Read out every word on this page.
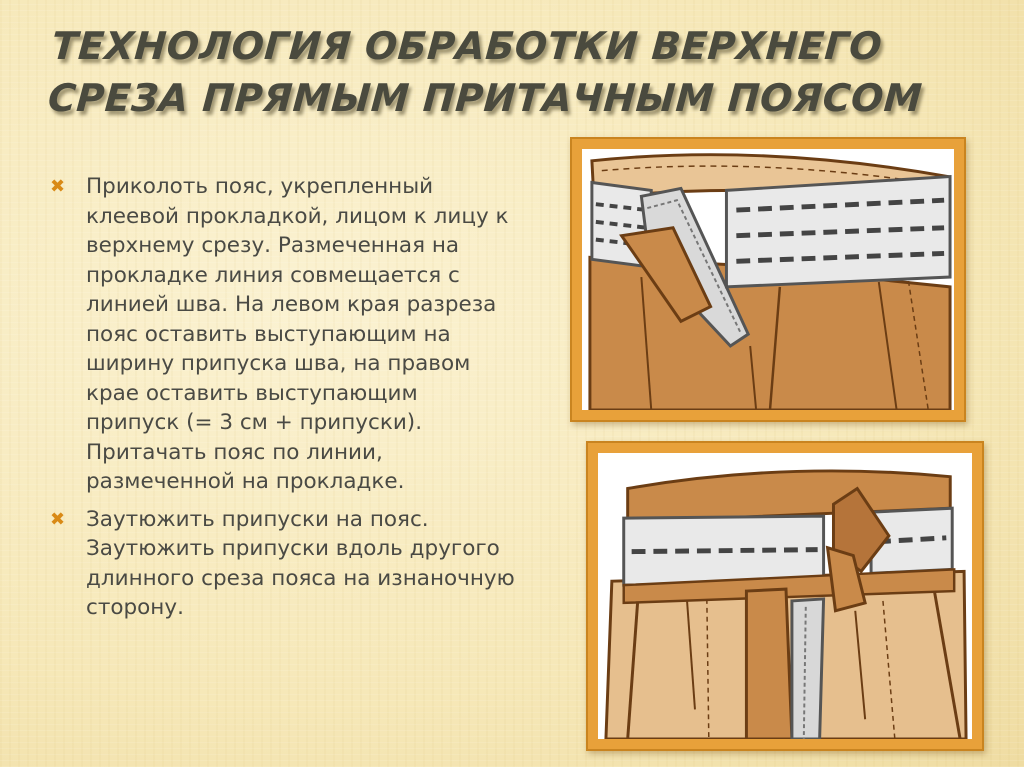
ТЕХНОЛОГИЯ ОБРАБОТКИ ВЕРХНЕГО СРЕЗА ПРЯМЫМ ПРИТАЧНЫМ ПОЯСОМ
✖ Приколоть пояс, укрепленный клеевой прокладкой, лицом к лицу к верхнему срезу. Размеченная на прокладке линия совмещается с линией шва. На левом края разреза пояс оставить выступающим на ширину припуска шва, на правом крае оставить выступающим припуск (= 3 см + припуски). Притачать пояс по линии, размеченной на прокладке.
✖ Заутюжить припуски на пояс. Заутюжить припуски вдоль другого длинного среза пояса на изнаночную сторону.
